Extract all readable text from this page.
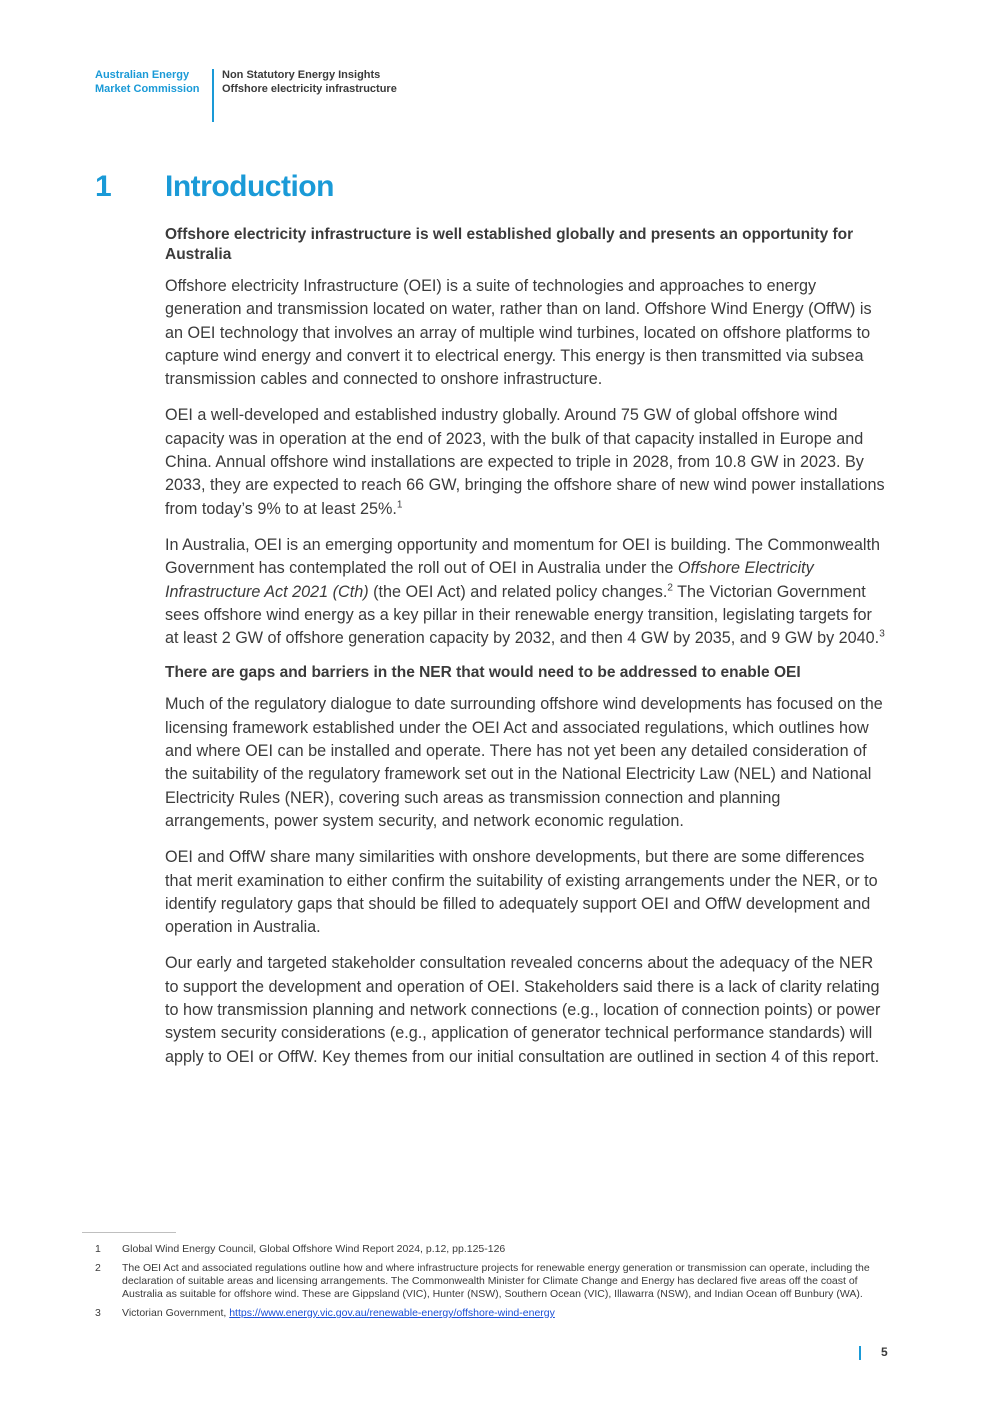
Australian Energy
Market Commission
Non Statutory Energy Insights
Offshore electricity infrastructure
1 Introduction

Offshore electricity infrastructure is well established globally and presents an opportunity for Australia

Offshore electricity Infrastructure (OEI) is a suite of technologies and approaches to energy generation and transmission located on water, rather than on land. Offshore Wind Energy (OffW) is an OEI technology that involves an array of multiple wind turbines, located on offshore platforms to capture wind energy and convert it to electrical energy. This energy is then transmitted via subsea transmission cables and connected to onshore infrastructure.

OEI a well-developed and established industry globally. Around 75 GW of global offshore wind capacity was in operation at the end of 2023, with the bulk of that capacity installed in Europe and China. Annual offshore wind installations are expected to triple in 2028, from 10.8 GW in 2023. By 2033, they are expected to reach 66 GW, bringing the offshore share of new wind power installations from today’s 9% to at least 25%.$^1$

In Australia, OEI is an emerging opportunity and momentum for OEI is building. The Commonwealth Government has contemplated the roll out of OEI in Australia under the Offshore Electricity Infrastructure Act 2021 (Cth) (the OEI Act) and related policy changes.$^2$ The Victorian Government sees offshore wind energy as a key pillar in their renewable energy transition, legislating targets for at least 2 GW of offshore generation capacity by 2032, and then 4 GW by 2035, and 9 GW by 2040.$^3$

There are gaps and barriers in the NER that would need to be addressed to enable OEI

Much of the regulatory dialogue to date surrounding offshore wind developments has focused on the licensing framework established under the OEI Act and associated regulations, which outlines how and where OEI can be installed and operate. There has not yet been any detailed consideration of the suitability of the regulatory framework set out in the National Electricity Law (NEL) and National Electricity Rules (NER), covering such areas as transmission connection and planning arrangements, power system security, and network economic regulation.

OEI and OffW share many similarities with onshore developments, but there are some differences that merit examination to either confirm the suitability of existing arrangements under the NER, or to identify regulatory gaps that should be filled to adequately support OEI and OffW development and operation in Australia.

Our early and targeted stakeholder consultation revealed concerns about the adequacy of the NER to support the development and operation of OEI. Stakeholders said there is a lack of clarity relating to how transmission planning and network connections (e.g., location of connection points) or power system security considerations (e.g., application of generator technical performance standards) will apply to OEI or OffW. Key themes from our initial consultation are outlined in section 4 of this report.

1	Global Wind Energy Council, Global Offshore Wind Report 2024, p.12, pp.125-126
2	The OEI Act and associated regulations outline how and where infrastructure projects for renewable energy generation or transmission can operate, including the declaration of suitable areas and licensing arrangements. The Commonwealth Minister for Climate Change and Energy has declared five areas off the coast of Australia as suitable for offshore wind. These are Gippsland (VIC), Hunter (NSW), Southern Ocean (VIC), Illawarra (NSW), and Indian Ocean off Bunbury (WA).
3	Victorian Government, https://www.energy.vic.gov.au/renewable-energy/offshore-wind-energy
5
